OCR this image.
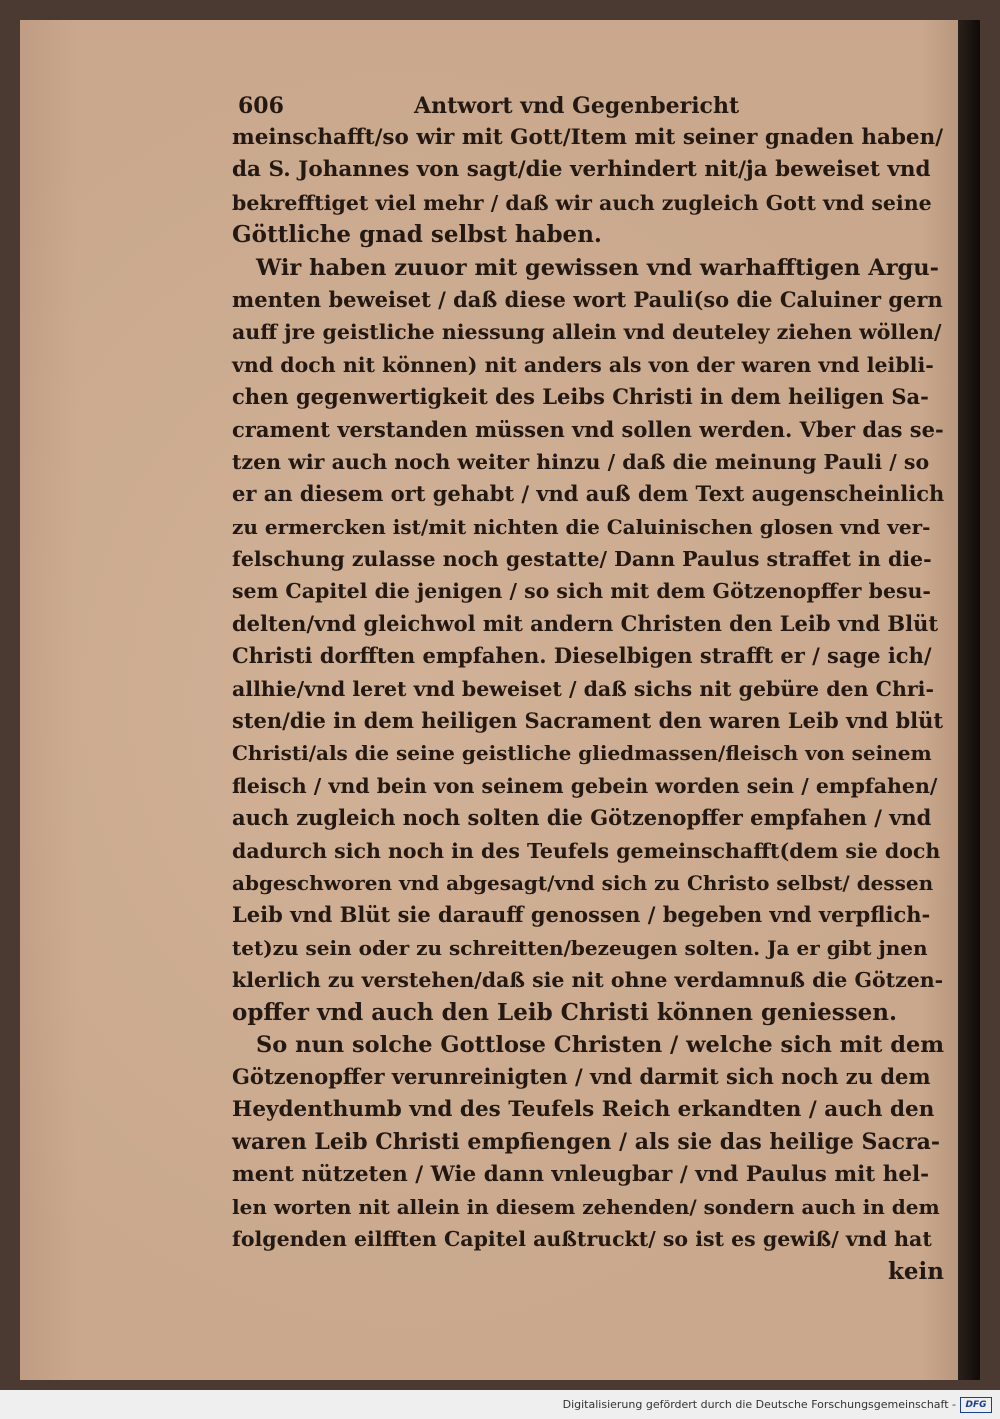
606	Antwort vnd Gegenbericht
meinschafft/so wir mit Gott/Item mit seiner gnaden haben/
da S. Johannes von sagt/die verhindert nit/ja beweiset vnd
bekrefftiget viel mehr / daß wir auch zugleich Gott vnd seine
Göttliche gnad selbst haben.
Wir haben zuuor mit gewissen vnd warhafftigen Argu-
menten beweiset / daß diese wort Pauli(so die Caluiner gern
auff jre geistliche niessung allein vnd deuteley ziehen wöllen/
vnd doch nit können) nit anders als von der waren vnd leibli-
chen gegenwertigkeit des Leibs Christi in dem heiligen Sa-
crament verstanden müssen vnd sollen werden. Vber das se-
tzen wir auch noch weiter hinzu / daß die meinung Pauli / so
er an diesem ort gehabt / vnd auß dem Text augenscheinlich
zu ermercken ist/mit nichten die Caluinischen glosen vnd ver-
felschung zulasse noch gestatte/ Dann Paulus straffet in die-
sem Capitel die jenigen / so sich mit dem Götzenopffer besu-
delten/vnd gleichwol mit andern Christen den Leib vnd Blüt
Christi dorfften empfahen. Dieselbigen strafft er / sage ich/
allhie/vnd leret vnd beweiset / daß sichs nit gebüre den Chri-
sten/die in dem heiligen Sacrament den waren Leib vnd blüt
Christi/als die seine geistliche gliedmassen/fleisch von seinem
fleisch / vnd bein von seinem gebein worden sein / empfahen/
auch zugleich noch solten die Götzenopffer empfahen / vnd
dadurch sich noch in des Teufels gemeinschafft(dem sie doch
abgeschworen vnd abgesagt/vnd sich zu Christo selbst/ dessen
Leib vnd Blüt sie darauff genossen / begeben vnd verpflich-
tet)zu sein oder zu schreitten/bezeugen solten. Ja er gibt jnen
klerlich zu verstehen/daß sie nit ohne verdamnuß die Götzen-
opffer vnd auch den Leib Christi können geniessen.
So nun solche Gottlose Christen / welche sich mit dem
Götzenopffer verunreinigten / vnd darmit sich noch zu dem
Heydenthumb vnd des Teufels Reich erkandten / auch den
waren Leib Christi empfiengen / als sie das heilige Sacra-
ment nützeten / Wie dann vnleugbar / vnd Paulus mit hel-
len worten nit allein in diesem zehenden/ sondern auch in dem
folgenden eilfften Capitel außtruckt/ so ist es gewiß/ vnd hat
kein
Digitalisierung gefördert durch die Deutsche Forschungsgemeinschaft -	DFG
